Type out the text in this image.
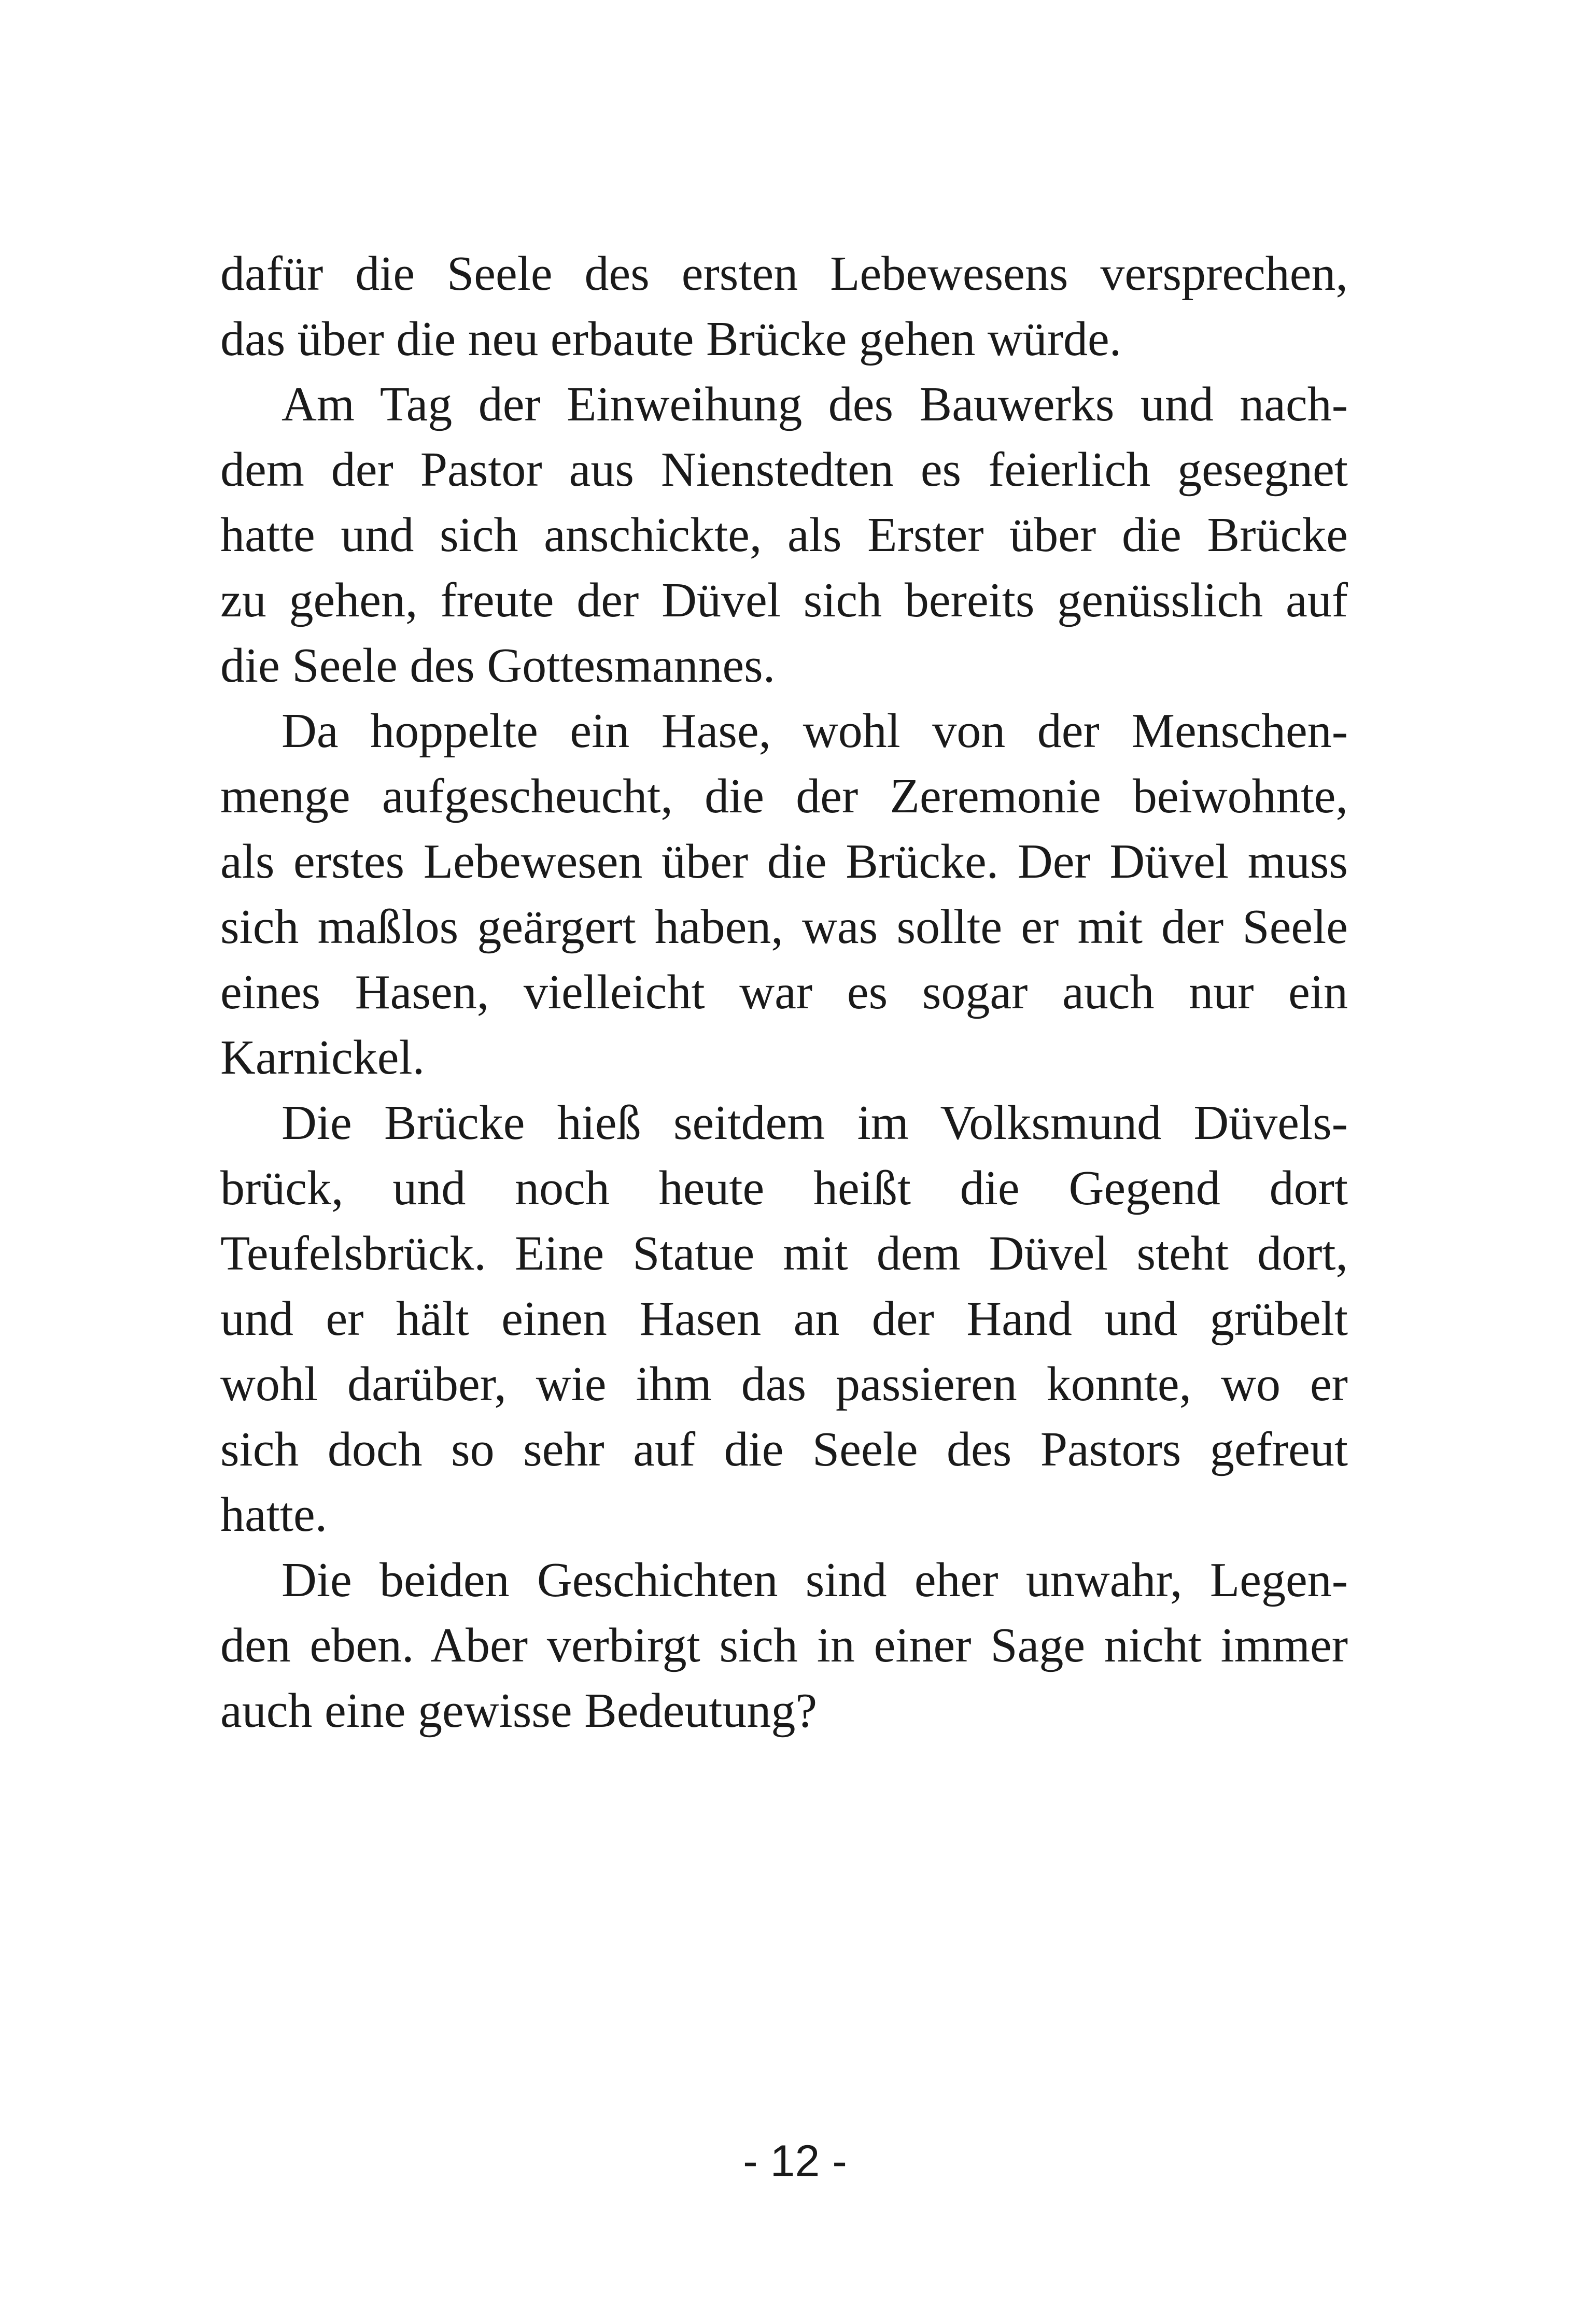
dafür die Seele des ersten Lebewesens versprechen,
das über die neu erbaute Brücke gehen würde.
Am Tag der Einweihung des Bauwerks und nach-
dem der Pastor aus Nienstedten es feierlich gesegnet
hatte und sich anschickte, als Erster über die Brücke
zu gehen, freute der Düvel sich bereits genüsslich auf
die Seele des Gottesmannes.
Da hoppelte ein Hase, wohl von der Menschen-
menge aufgescheucht, die der Zeremonie beiwohnte,
als erstes Lebewesen über die Brücke. Der Düvel muss
sich maßlos geärgert haben, was sollte er mit der Seele
eines Hasen, vielleicht war es sogar auch nur ein
Karnickel.
Die Brücke hieß seitdem im Volksmund Düvels-
brück, und noch heute heißt die Gegend dort
Teufelsbrück. Eine Statue mit dem Düvel steht dort,
und er hält einen Hasen an der Hand und grübelt
wohl darüber, wie ihm das passieren konnte, wo er
sich doch so sehr auf die Seele des Pastors gefreut
hatte.
Die beiden Geschichten sind eher unwahr, Legen-
den eben. Aber verbirgt sich in einer Sage nicht immer
auch eine gewisse Bedeutung?
- 12 -
